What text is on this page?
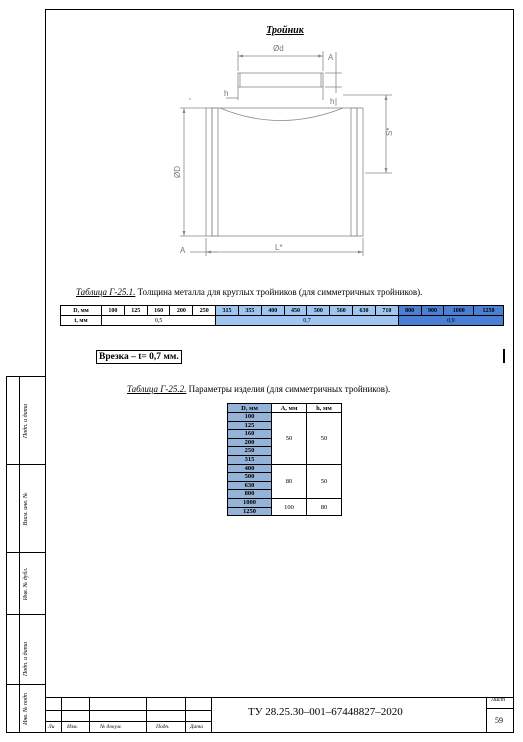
Подп. и дата
Взам. инв. №
Инв. № дубл.
Подп. и дата
Инв. № подп
Тройник
Ød
A
h
h
S*
ØD
A	L*
Таблица Г-25.1. Толщина металла для круглых тройников (для симметричных тройников).
D, мм	100	125	160	200	250	315	355	400	450	500	560	630	710	800	900	1000	1250
t, мм	0,5					0,7								0,9			
Врезка – t= 0,7 мм.
Таблица Г-25.2. Параметры изделия (для симметричных тройников).
D, мм	A, мм	h, мм
100	50	50
125		
160		
200		
250		
315		
400	80	50
500		
630		
800		
1000	100	80
1250		
Ли Изм.	№ докум.	Подп.	Дата
ТУ 28.25.30–001–67448827–2020
Лист
59
